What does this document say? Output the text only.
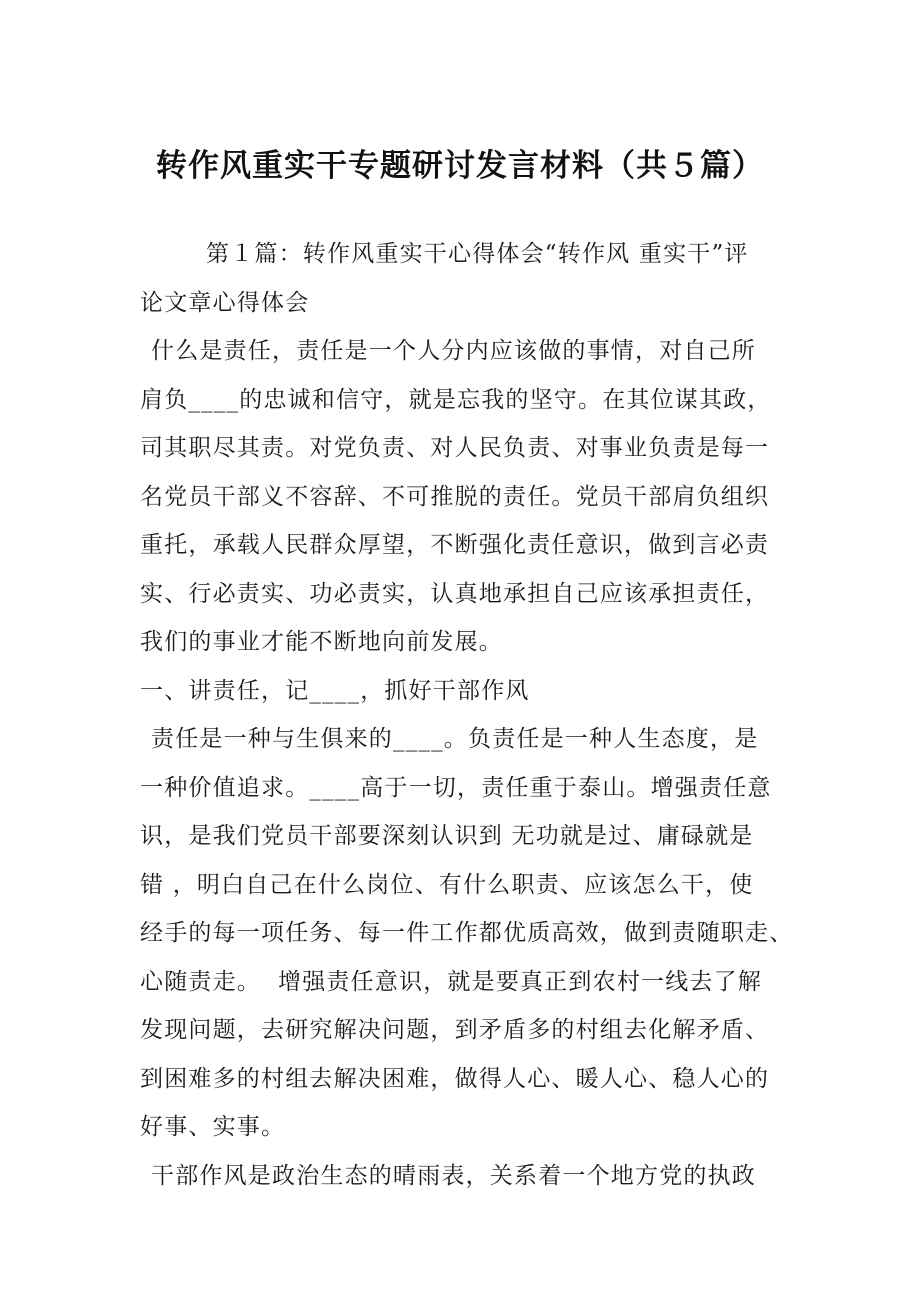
转作风重实干专题研讨发言材料（共５篇）
第１篇：转作风重实干心得体会“转作风 重实干”评
论文章心得体会
什么是责任，责任是一个人分内应该做的事情，对自己所
肩负____的忠诚和信守，就是忘我的坚守。在其位谋其政，
司其职尽其责。对党负责、对人民负责、对事业负责是每一
名党员干部义不容辞、不可推脱的责任。党员干部肩负组织
重托，承载人民群众厚望，不断强化责任意识，做到言必责
实、行必责实、功必责实，认真地承担自己应该承担责任，
我们的事业才能不断地向前发展。
一、讲责任，记____，抓好干部作风
责任是一种与生俱来的____。负责任是一种人生态度，是
一种价值追求。____高于一切，责任重于泰山。增强责任意
识，是我们党员干部要深刻认识到 无功就是过、庸碌就是
错 ，明白自己在什么岗位、有什么职责、应该怎么干，使
经手的每一项任务、每一件工作都优质高效，做到责随职走、
心随责走。  增强责任意识，就是要真正到农村一线去了解
发现问题，去研究解决问题，到矛盾多的村组去化解矛盾、
到困难多的村组去解决困难，做得人心、暖人心、稳人心的
好事、实事。
干部作风是政治生态的晴雨表，关系着一个地方党的执政
